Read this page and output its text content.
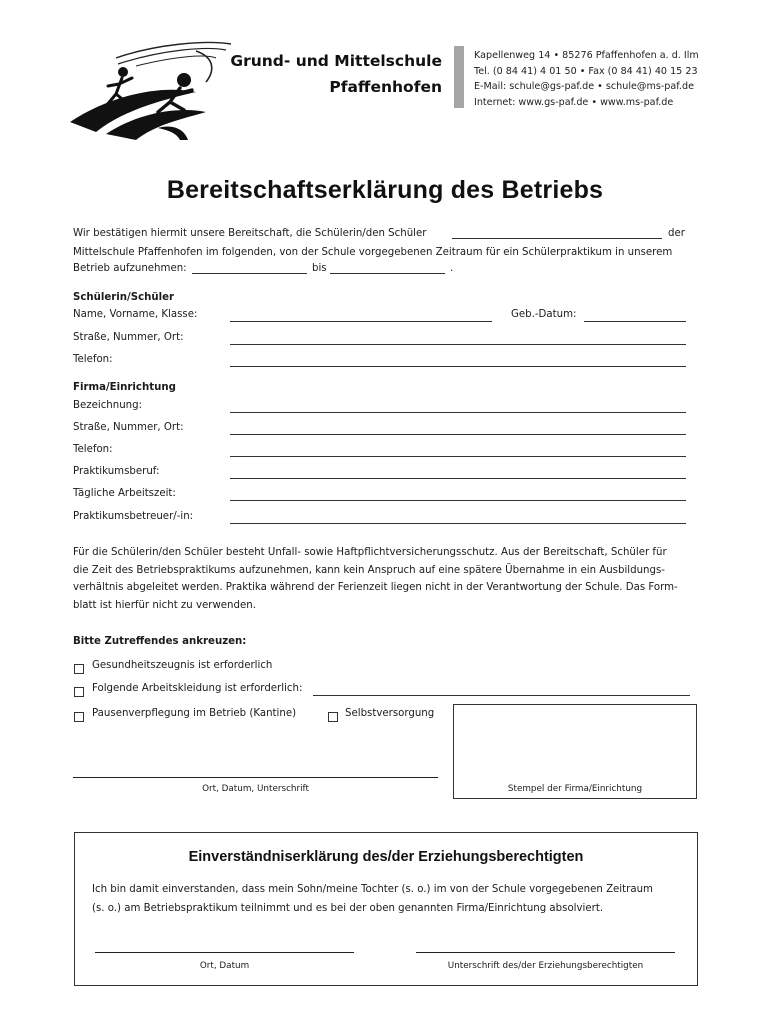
Grund- und Mittelschule
Pfaffenhofen
Kapellenweg 14 • 85276 Pfaffenhofen a. d. Ilm
Tel. (0 84 41) 4 01 50 • Fax (0 84 41) 40 15 23
E-Mail: schule@gs-paf.de • schule@ms-paf.de
Internet: www.gs-paf.de • www.ms-paf.de
Bereitschaftserklärung des Betriebs
Wir bestätigen hiermit unsere Bereitschaft, die Schülerin/den Schüler	der
Mittelschule Pfaffenhofen im folgenden, von der Schule vorgegebenen Zeitraum für ein Schülerpraktikum in unserem
Betrieb aufzunehmen:	bis	.
Schülerin/Schüler
Name, Vorname, Klasse:	Geb.-Datum:
Straße, Nummer, Ort:
Telefon:
Firma/Einrichtung
Bezeichnung:
Straße, Nummer, Ort:
Telefon:
Praktikumsberuf:
Tägliche Arbeitszeit:
Praktikumsbetreuer/-in:
Für die Schülerin/den Schüler besteht Unfall- sowie Haftpflichtversicherungsschutz. Aus der Bereitschaft, Schüler für
die Zeit des Betriebspraktikums aufzunehmen, kann kein Anspruch auf eine spätere Übernahme in ein Ausbildungs-
verhältnis abgeleitet werden. Praktika während der Ferienzeit liegen nicht in der Verantwortung der Schule. Das Form-
blatt ist hierfür nicht zu verwenden.
Bitte Zutreffendes ankreuzen:
Gesundheitszeugnis ist erforderlich
Folgende Arbeitskleidung ist erforderlich:
Pausenverpflegung im Betrieb (Kantine)	Selbstversorgung
Ort, Datum, Unterschrift	Stempel der Firma/Einrichtung
Einverständniserklärung des/der Erziehungsberechtigten
Ich bin damit einverstanden, dass mein Sohn/meine Tochter (s. o.) im von der Schule vorgegebenen Zeitraum
(s. o.) am Betriebspraktikum teilnimmt und es bei der oben genannten Firma/Einrichtung absolviert.
Ort, Datum	Unterschrift des/der Erziehungsberechtigten
